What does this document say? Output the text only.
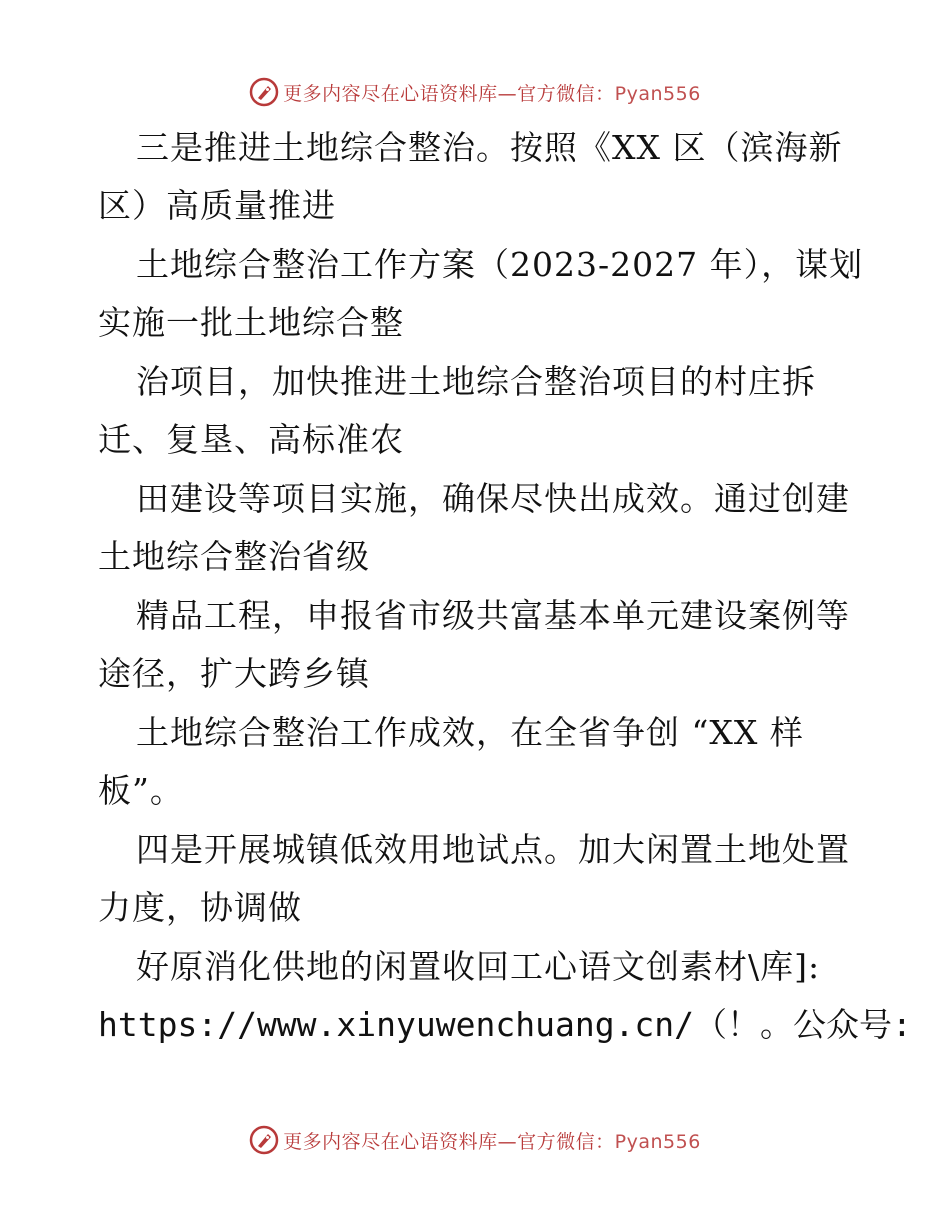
更多内容尽在心语资料库—官方微信：Pyan556
三是推进土地综合整治。按照《XX 区（滨海新
区）高质量推进
土地综合整治工作方案（2023-2027 年），谋划
实施一批土地综合整
治项目，加快推进土地综合整治项目的村庄拆
迁、复垦、高标准农
田建设等项目实施，确保尽快出成效。通过创建
土地综合整治省级
精品工程，申报省市级共富基本单元建设案例等
途径，扩大跨乡镇
土地综合整治工作成效，在全省争创 “XX 样
板”。
四是开展城镇低效用地试点。加大闲置土地处置
力度，协调做
好原消化供地的闲置收回工心语文创素材\库]:
https://www.xinyuwenchuang.cn/（！。公众号:
更多内容尽在心语资料库—官方微信：Pyan556
